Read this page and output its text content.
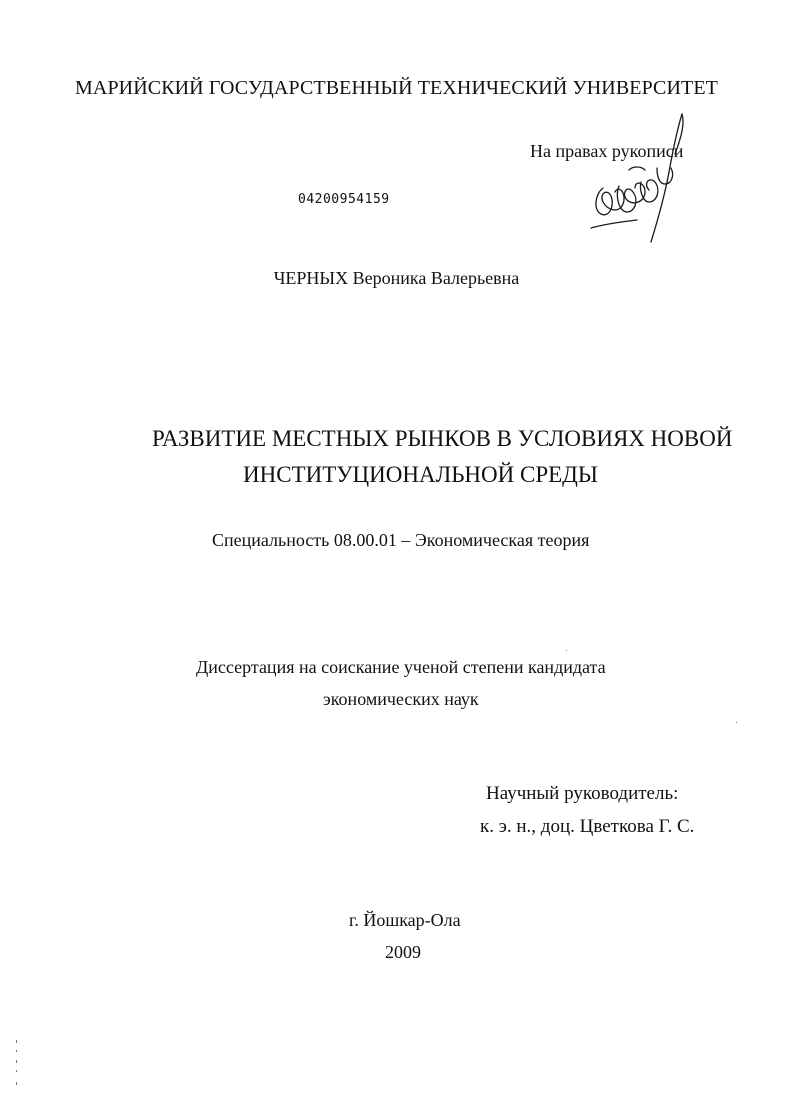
МАРИЙСКИЙ ГОСУДАРСТВЕННЫЙ ТЕХНИЧЕСКИЙ УНИВЕРСИТЕТ
На правах рукописи
04200954159
ЧЕРНЫХ Вероника Валерьевна
РАЗВИТИЕ МЕСТНЫХ РЫНКОВ В УСЛОВИЯХ НОВОЙ
ИНСТИТУЦИОНАЛЬНОЙ СРЕДЫ
Специальность 08.00.01 – Экономическая теория
Диссертация на соискание ученой степени кандидата
экономических наук
Научный руководитель:
к. э. н., доц. Цветкова Г. С.
г. Йошкар-Ола
2009
